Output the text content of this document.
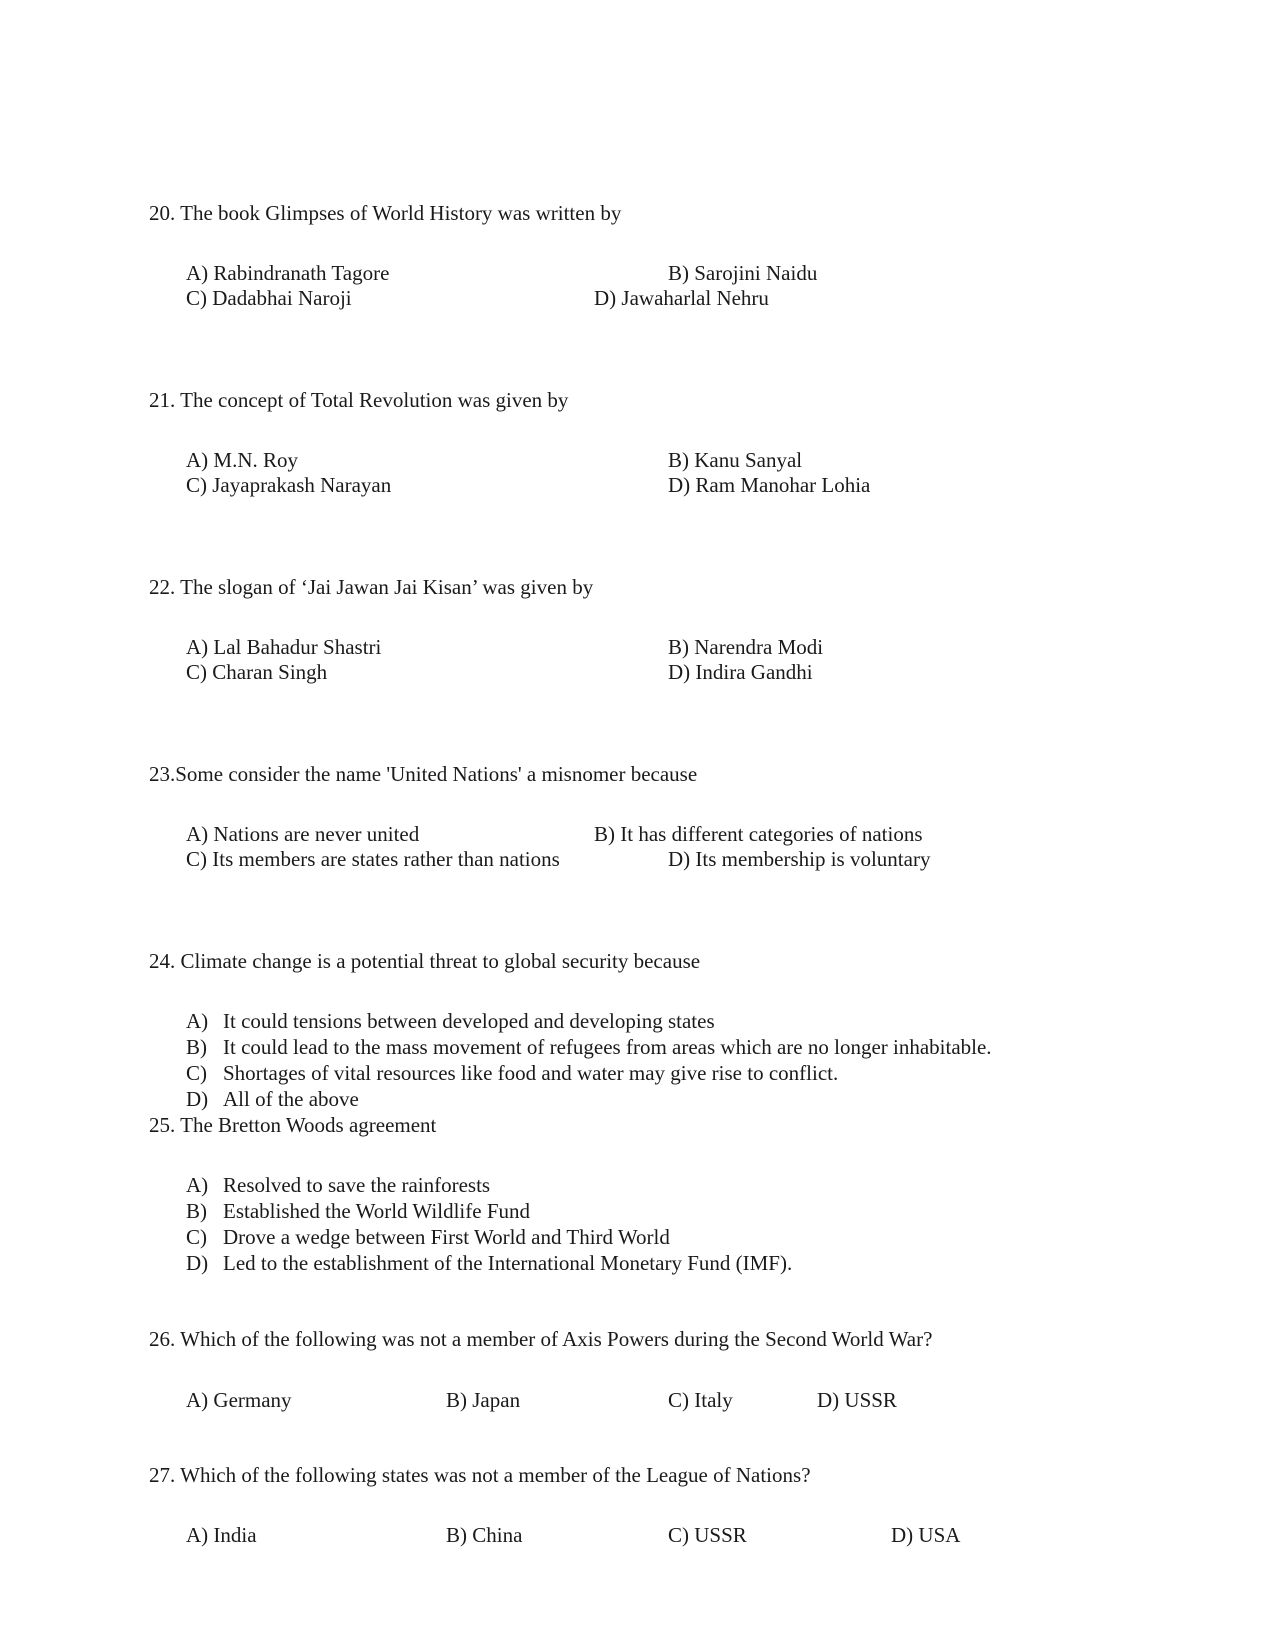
20. The book Glimpses of World History was written by
A) Rabindranath Tagore	B) Sarojini Naidu
C) Dadabhai Naroji	D) Jawaharlal Nehru
21. The concept of Total Revolution was given by
A) M.N. Roy	B) Kanu Sanyal
C) Jayaprakash Narayan	D) Ram Manohar Lohia
22. The slogan of ‘Jai Jawan Jai Kisan’ was given by
A) Lal Bahadur Shastri	B) Narendra Modi
C) Charan Singh	D) Indira Gandhi
23.Some consider the name 'United Nations' a misnomer because
A) Nations are never united	B) It has different categories of nations
C) Its members are states rather than nations	D) Its membership is voluntary
24. Climate change is a potential threat to global security because
A) It could tensions between developed and developing states
B) It could lead to the mass movement of refugees from areas which are no longer inhabitable.
C) Shortages of vital resources like food and water may give rise to conflict.
D) All of the above
25. The Bretton Woods agreement
A) Resolved to save the rainforests
B) Established the World Wildlife Fund
C) Drove a wedge between First World and Third World
D) Led to the establishment of the International Monetary Fund (IMF).
26. Which of the following was not a member of Axis Powers during the Second World War?
A) Germany	B) Japan	C) Italy	D) USSR
27. Which of the following states was not a member of the League of Nations?
A) India	B) China	C) USSR	D) USA
